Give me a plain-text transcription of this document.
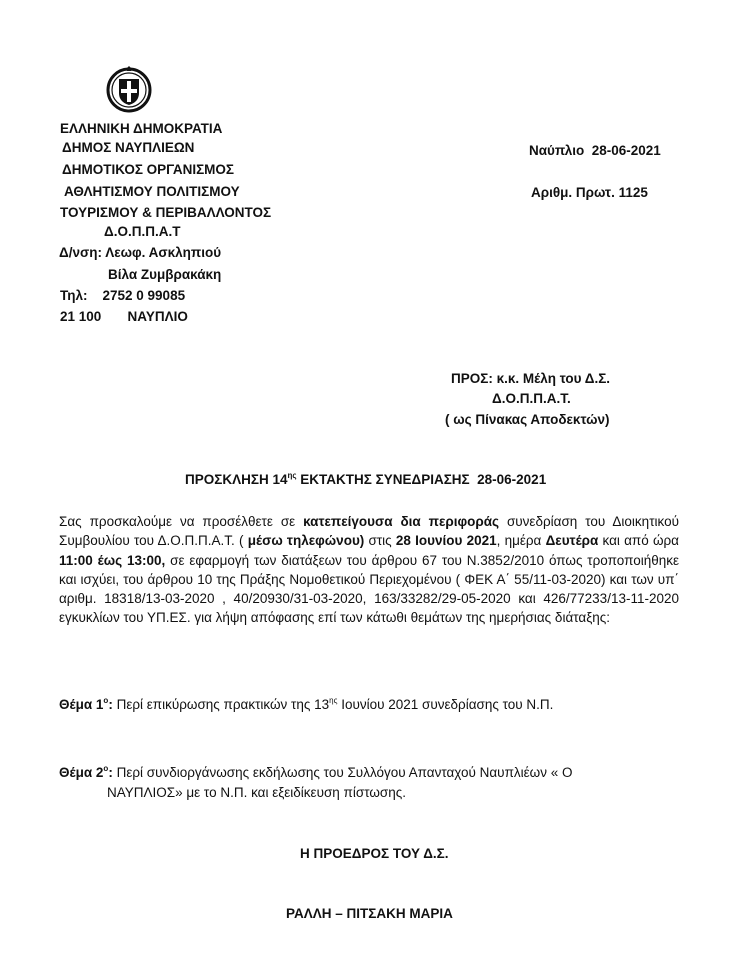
ΕΛΛΗΝΙΚΗ ΔΗΜΟΚΡΑΤΙΑ
ΔΗΜΟΣ ΝΑΥΠΛΙΕΩΝ
ΔΗΜΟΤΙΚΟΣ ΟΡΓΑΝΙΣΜΟΣ
ΑΘΛΗΤΙΣΜΟΥ ΠΟΛΙΤΙΣΜΟΥ
ΤΟΥΡΙΣΜΟΥ & ΠΕΡΙΒΑΛΛΟΝΤΟΣ
Δ.Ο.Π.Π.Α.Τ
Δ/νση: Λεωφ. Ασκληπιού
Βίλα Ζυμβρακάκη
Τηλ:    2752 0 99085
21 100       ΝΑΥΠΛΙΟ
Ναύπλιο  28-06-2021
Αριθμ. Πρωτ. 1125
ΠΡΟΣ: κ.κ. Μέλη του Δ.Σ.
Δ.Ο.Π.Π.Α.Τ.
( ως Πίνακας Αποδεκτών)
ΠΡΟΣΚΛΗΣΗ $14^{\eta\varsigma}$ ΕΚΤΑΚΤΗΣ ΣΥΝΕΔΡΙΑΣΗΣ  28-06-2021

Σας προσκαλούμε να προσέλθετε σε κατεπείγουσα δια περιφοράς συνεδρίαση του Διοικητικού Συμβουλίου του Δ.Ο.Π.Π.Α.Τ. ( μέσω τηλεφώνου) στις 28 Ιουνίου 2021, ημέρα Δευτέρα και από ώρα 11:00 έως 13:00, σε εφαρμογή των διατάξεων του άρθρου 67 του Ν.3852/2010 όπως τροποποιήθηκε και ισχύει, του άρθρου 10 της Πράξης Νομοθετικού Περιεχομένου ( ΦΕΚ Α΄ 55/11-03-2020) και των υπ΄ αριθμ. 18318/13-03-2020 , 40/20930/31-03-2020, 163/33282/29-05-2020 και 426/77233/13-11-2020 εγκυκλίων του ΥΠ.ΕΣ. για λήψη απόφασης επί των κάτωθι θεμάτων της ημερήσιας διάταξης:

Θέμα $1^o$: Περί επικύρωσης πρακτικών της $13^{\eta\varsigma}$ Ιουνίου 2021 συνεδρίασης του Ν.Π.
Θέμα $2^o$: Περί συνδιοργάνωσης εκδήλωσης του Συλλόγου Απανταχού Ναυπλιέων « Ο
ΝΑΥΠΛΙΟΣ» με το Ν.Π. και εξειδίκευση πίστωσης.
Η ΠΡΟΕΔΡΟΣ ΤΟΥ Δ.Σ.
ΡΑΛΛΗ – ΠΙΤΣΑΚΗ ΜΑΡΙΑ
